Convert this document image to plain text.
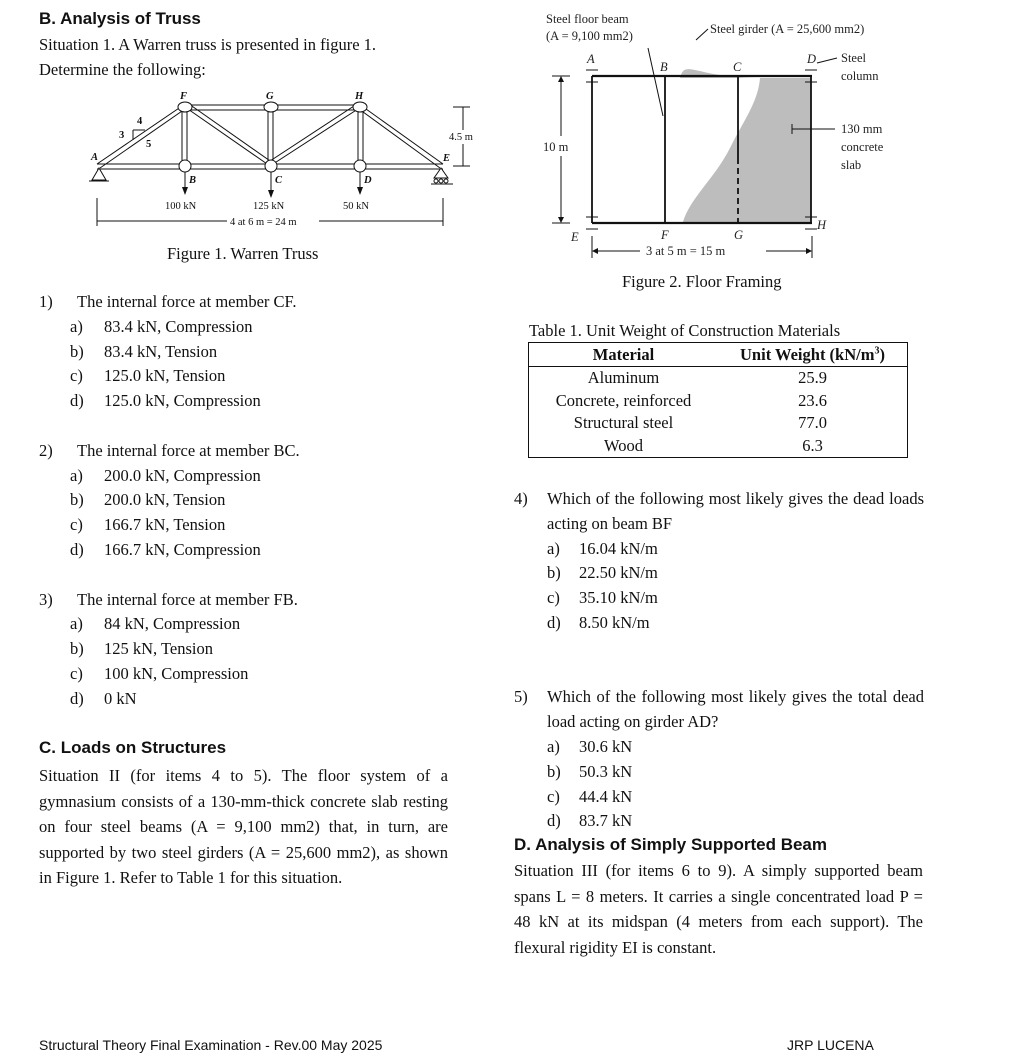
B. Analysis of Truss
Situation 1. A Warren truss is presented in figure 1. Determine the following:
A
B	C	D
E
F	G	H
3
4
5
100 kN	125 kN	50 kN
4.5 m
4 at 6 m = 24 m
Figure 1. Warren Truss
1)	The internal force at member CF.
a)	83.4 kN, Compression
b)	83.4 kN, Tension
c)	125.0 kN, Tension
d)	125.0 kN, Compression
2)	The internal force at member BC.
a)	200.0 kN, Compression
b)	200.0 kN, Tension
c)	166.7 kN, Tension
d)	166.7 kN, Compression
3)	The internal force at member FB.
a)	84 kN, Compression
b)	125 kN, Tension
c)	100 kN, Compression
d)	0 kN
C. Loads on Structures
Situation II (for items 4 to 5). The floor system of a gymnasium consists of a 130-mm-thick concrete slab resting on four steel beams (A = 9,100 mm2) that, in turn, are supported by two steel girders (A = 25,600 mm2), as shown in Figure 1. Refer to Table 1 for this situation.
Steel floor beam
(A = 9,100 mm2)	Steel girder (A = 25,600 mm2)
Steel
column
130 mm
concrete
slab
10 m
3 at 5 m = 15 m
A
B	C
D
E	F	G
H
Figure 2. Floor Framing
Table 1. Unit Weight of Construction Materials
Material	Unit Weight $(kN/m^3)$
Aluminum	25.9
Concrete, reinforced	23.6
Structural steel	77.0
Wood	6.3
4)	Which of the following most likely gives the dead loads acting on beam BF
a)	16.04 kN/m
b)	22.50 kN/m
c)	35.10 kN/m
d)	8.50 kN/m
5)	Which of the following most likely gives the total dead load acting on girder AD?
a)	30.6 kN
b)	50.3 kN
c)	44.4 kN
d)	83.7 kN
D. Analysis of Simply Supported Beam
Situation III (for items 6 to 9). A simply supported beam spans L = 8 meters. It carries a single concentrated load P = 48 kN at its midspan (4 meters from each support). The flexural rigidity EI is constant.
Structural Theory Final Examination - Rev.00 May 2025	JRP LUCENA
